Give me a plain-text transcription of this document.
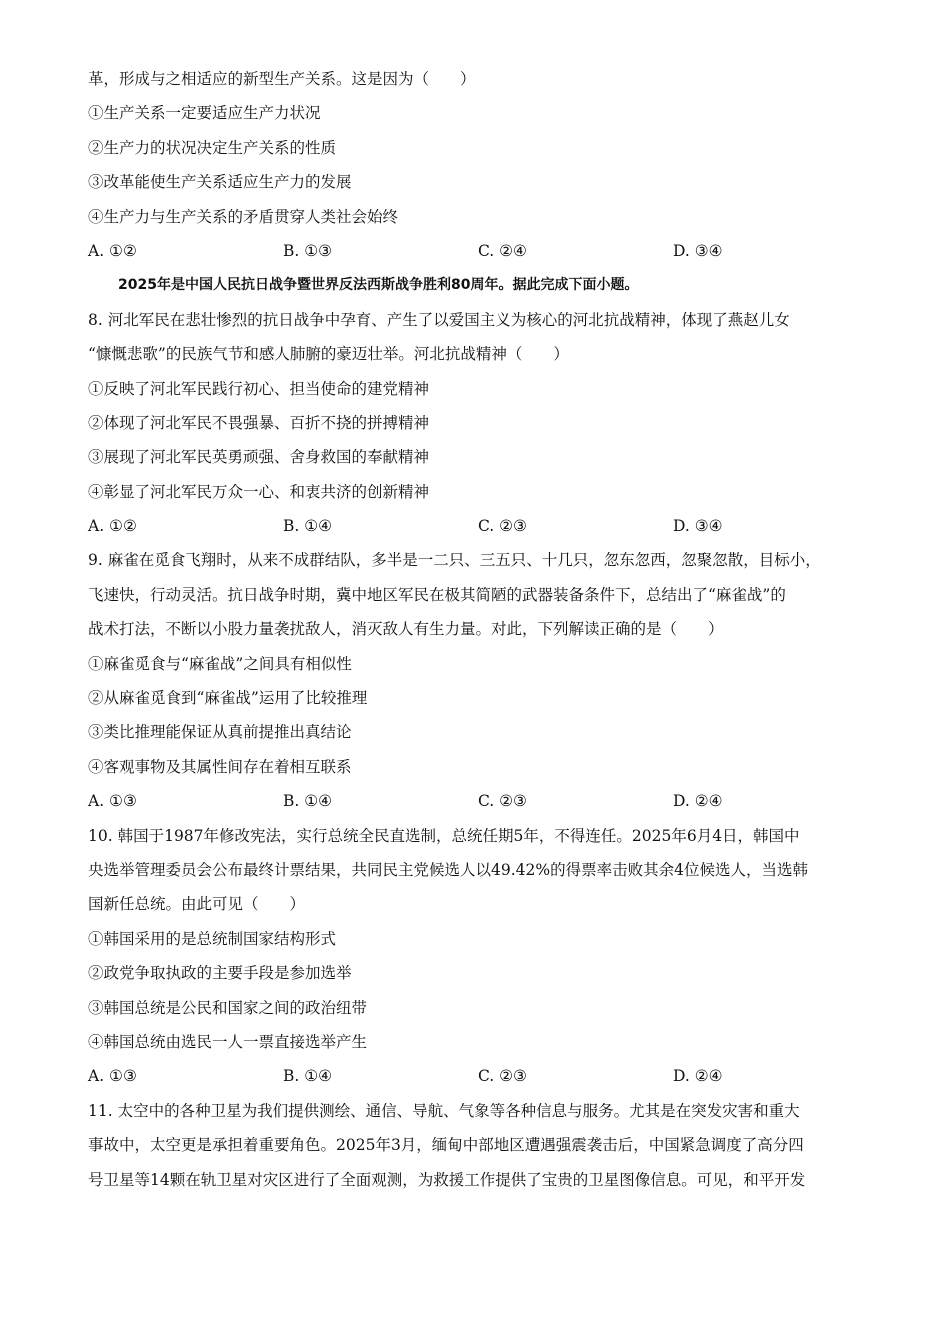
革，形成与之相适应的新型生产关系。这是因为（　　）
①生产关系一定要适应生产力状况
②生产力的状况决定生产关系的性质
③改革能使生产关系适应生产力的发展
④生产力与生产关系的矛盾贯穿人类社会始终
A. ①②	B. ①③	C. ②④	D. ③④
2025年是中国人民抗日战争暨世界反法西斯战争胜利80周年。据此完成下面小题。
8. 河北军民在悲壮惨烈的抗日战争中孕育、产生了以爱国主义为核心的河北抗战精神，体现了燕赵儿女
“慷慨悲歌”的民族气节和感人肺腑的豪迈壮举。河北抗战精神（　　）
①反映了河北军民践行初心、担当使命的建党精神
②体现了河北军民不畏强暴、百折不挠的拼搏精神
③展现了河北军民英勇顽强、舍身救国的奉献精神
④彰显了河北军民万众一心、和衷共济的创新精神
A. ①②	B. ①④	C. ②③	D. ③④
9. 麻雀在觅食飞翔时，从来不成群结队，多半是一二只、三五只、十几只，忽东忽西，忽聚忽散，目标小，
飞速快，行动灵活。抗日战争时期，冀中地区军民在极其简陋的武器装备条件下，总结出了“麻雀战”的
战术打法，不断以小股力量袭扰敌人，消灭敌人有生力量。对此，下列解读正确的是（　　）
①麻雀觅食与“麻雀战”之间具有相似性
②从麻雀觅食到“麻雀战”运用了比较推理
③类比推理能保证从真前提推出真结论
④客观事物及其属性间存在着相互联系
A. ①③	B. ①④	C. ②③	D. ②④
10. 韩国于1987年修改宪法，实行总统全民直选制，总统任期5年，不得连任。2025年6月4日，韩国中
央选举管理委员会公布最终计票结果，共同民主党候选人以49.42%的得票率击败其余4位候选人，当选韩
国新任总统。由此可见（　　）
①韩国采用的是总统制国家结构形式
②政党争取执政的主要手段是参加选举
③韩国总统是公民和国家之间的政治纽带
④韩国总统由选民一人一票直接选举产生
A. ①③	B. ①④	C. ②③	D. ②④
11. 太空中的各种卫星为我们提供测绘、通信、导航、气象等各种信息与服务。尤其是在突发灾害和重大
事故中，太空更是承担着重要角色。2025年3月，缅甸中部地区遭遇强震袭击后，中国紧急调度了高分四
号卫星等14颗在轨卫星对灾区进行了全面观测，为救援工作提供了宝贵的卫星图像信息。可见，和平开发
